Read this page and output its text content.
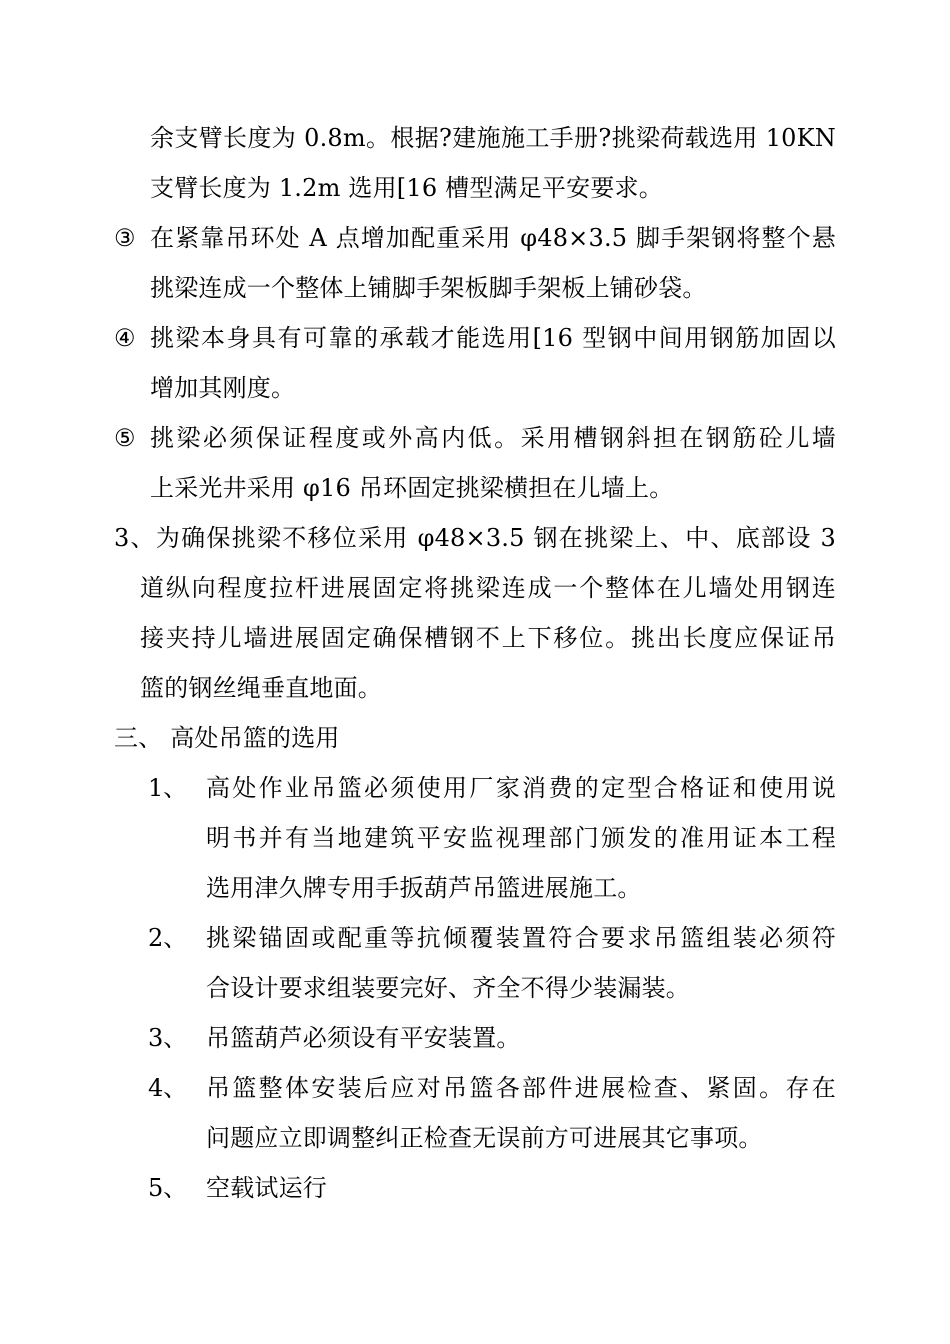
余支臂长度为 0.8m。根据?建施施工手册?挑梁荷载选用 10KN
支臂长度为 1.2m 选用[16 槽型满足平安要求。
③ 在紧靠吊环处 A 点增加配重采用 φ48×3.5 脚手架钢将整个悬
挑梁连成一个整体上铺脚手架板脚手架板上铺砂袋。
④ 挑梁本身具有可靠的承载才能选用[16 型钢中间用钢筋加固以
增加其刚度。
⑤ 挑梁必须保证程度或外高内低。采用槽钢斜担在钢筋砼儿墙
上采光井采用 φ16 吊环固定挑梁横担在儿墙上。
3、为确保挑梁不移位采用 φ48×3.5 钢在挑梁上、中、底部设 3
道纵向程度拉杆进展固定将挑梁连成一个整体在儿墙处用钢连
接夹持儿墙进展固定确保槽钢不上下移位。挑出长度应保证吊
篮的钢丝绳垂直地面。
三、 高处吊篮的选用
1、 高处作业吊篮必须使用厂家消费的定型合格证和使用说
明书并有当地建筑平安监视理部门颁发的准用证本工程
选用津久牌专用手扳葫芦吊篮进展施工。
2、 挑梁锚固或配重等抗倾覆装置符合要求吊篮组装必须符
合设计要求组装要完好、齐全不得少装漏装。
3、 吊篮葫芦必须设有平安装置。
4、 吊篮整体安装后应对吊篮各部件进展检查、紧固。存在
问题应立即调整纠正检查无误前方可进展其它事项。
5、 空载试运行
